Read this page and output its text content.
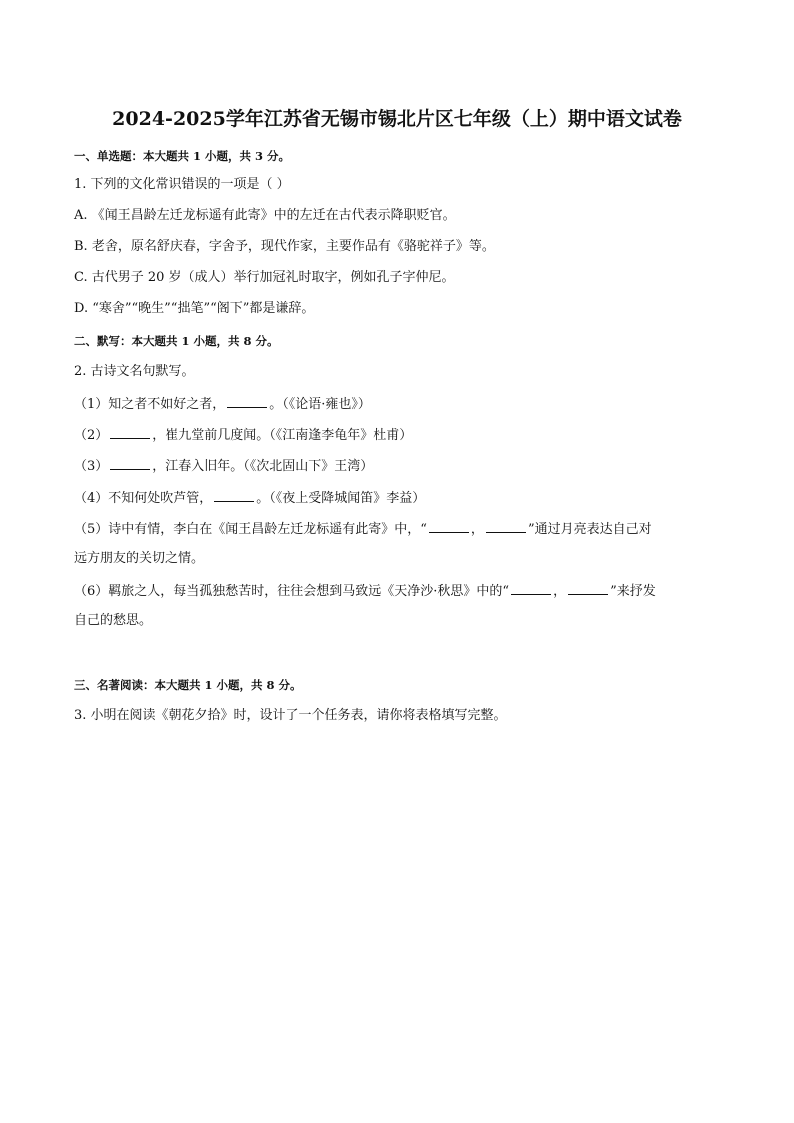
2024-2025学年江苏省无锡市锡北片区七年级（上）期中语文试卷
一、单选题：本大题共 1 小题，共 3 分。
1. 下列的文化常识错误的一项是（ ）
A. 《闻王昌龄左迁龙标遥有此寄》中的左迁在古代表示降职贬官。
B. 老舍，原名舒庆春，字舍予，现代作家，主要作品有《骆驼祥子》等。
C. 古代男子 20 岁（成人）举行加冠礼时取字，例如孔子字仲尼。
D. “寒舍”“晚生”“拙笔”“阁下”都是谦辞。
二、默写：本大题共 1 小题，共 8 分。
2. 古诗文名句默写。
（1）知之者不如好之者，	。（《论语·雍也》）
（2）	，崔九堂前几度闻。（《江南逢李龟年》杜甫）
（3）	，江春入旧年。（《次北固山下》王湾）
（4）不知何处吹芦管，	。（《夜上受降城闻笛》李益）
（5）诗中有情，李白在《闻王昌龄左迁龙标遥有此寄》中，“	，	”通过月亮表达自己对
远方朋友的关切之情。
（6）羁旅之人，每当孤独愁苦时，往往会想到马致远《天净沙·秋思》中的“	，	”来抒发
自己的愁思。
三、名著阅读：本大题共 1 小题，共 8 分。
3. 小明在阅读《朝花夕拾》时，设计了一个任务表，请你将表格填写完整。
